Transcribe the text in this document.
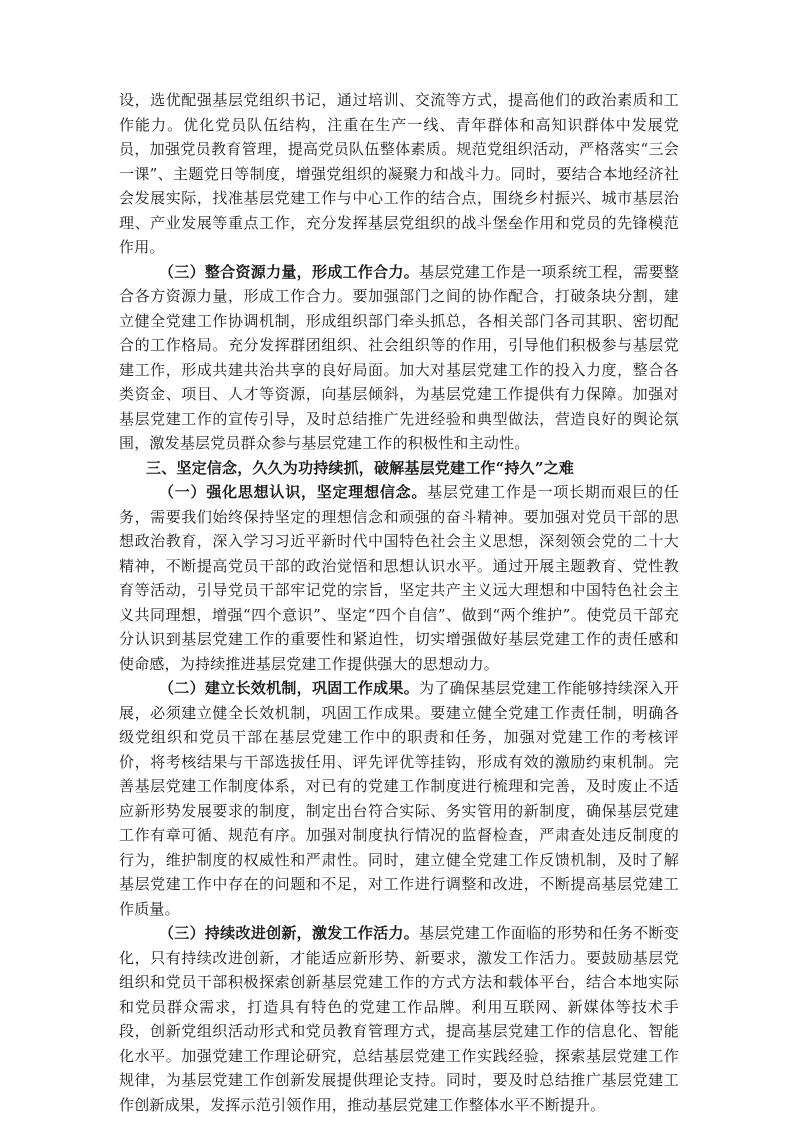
设，选优配强基层党组织书记，通过培训、交流等方式，提高他们的政治素质和工作能力。优化党员队伍结构，注重在生产一线、青年群体和高知识群体中发展党员，加强党员教育管理，提高党员队伍整体素质。规范党组织活动，严格落实“三会一课”、主题党日等制度，增强党组织的凝聚力和战斗力。同时，要结合本地经济社会发展实际，找准基层党建工作与中心工作的结合点，围绕乡村振兴、城市基层治理、产业发展等重点工作，充分发挥基层党组织的战斗堡垒作用和党员的先锋模范作用。

（三）整合资源力量，形成工作合力。基层党建工作是一项系统工程，需要整合各方资源力量，形成工作合力。要加强部门之间的协作配合，打破条块分割，建立健全党建工作协调机制，形成组织部门牵头抓总，各相关部门各司其职、密切配合的工作格局。充分发挥群团组织、社会组织等的作用，引导他们积极参与基层党建工作，形成共建共治共享的良好局面。加大对基层党建工作的投入力度，整合各类资金、项目、人才等资源，向基层倾斜，为基层党建工作提供有力保障。加强对基层党建工作的宣传引导，及时总结推广先进经验和典型做法，营造良好的舆论氛围，激发基层党员群众参与基层党建工作的积极性和主动性。

三、坚定信念，久久为功持续抓，破解基层党建工作“持久”之难

（一）强化思想认识，坚定理想信念。基层党建工作是一项长期而艰巨的任务，需要我们始终保持坚定的理想信念和顽强的奋斗精神。要加强对党员干部的思想政治教育，深入学习习近平新时代中国特色社会主义思想，深刻领会党的二十大精神，不断提高党员干部的政治觉悟和思想认识水平。通过开展主题教育、党性教育等活动，引导党员干部牢记党的宗旨，坚定共产主义远大理想和中国特色社会主义共同理想，增强“四个意识”、坚定“四个自信”、做到“两个维护”。使党员干部充分认识到基层党建工作的重要性和紧迫性，切实增强做好基层党建工作的责任感和使命感，为持续推进基层党建工作提供强大的思想动力。

（二）建立长效机制，巩固工作成果。为了确保基层党建工作能够持续深入开展，必须建立健全长效机制，巩固工作成果。要建立健全党建工作责任制，明确各级党组织和党员干部在基层党建工作中的职责和任务，加强对党建工作的考核评价，将考核结果与干部选拔任用、评先评优等挂钩，形成有效的激励约束机制。完善基层党建工作制度体系，对已有的党建工作制度进行梳理和完善，及时废止不适应新形势发展要求的制度，制定出台符合实际、务实管用的新制度，确保基层党建工作有章可循、规范有序。加强对制度执行情况的监督检查，严肃查处违反制度的行为，维护制度的权威性和严肃性。同时，建立健全党建工作反馈机制，及时了解基层党建工作中存在的问题和不足，对工作进行调整和改进，不断提高基层党建工作质量。

（三）持续改进创新，激发工作活力。基层党建工作面临的形势和任务不断变化，只有持续改进创新，才能适应新形势、新要求，激发工作活力。要鼓励基层党组织和党员干部积极探索创新基层党建工作的方式方法和载体平台，结合本地实际和党员群众需求，打造具有特色的党建工作品牌。利用互联网、新媒体等技术手段，创新党组织活动形式和党员教育管理方式，提高基层党建工作的信息化、智能化水平。加强党建工作理论研究，总结基层党建工作实践经验，探索基层党建工作规律，为基层党建工作创新发展提供理论支持。同时，要及时总结推广基层党建工作创新成果，发挥示范引领作用，推动基层党建工作整体水平不断提升。
